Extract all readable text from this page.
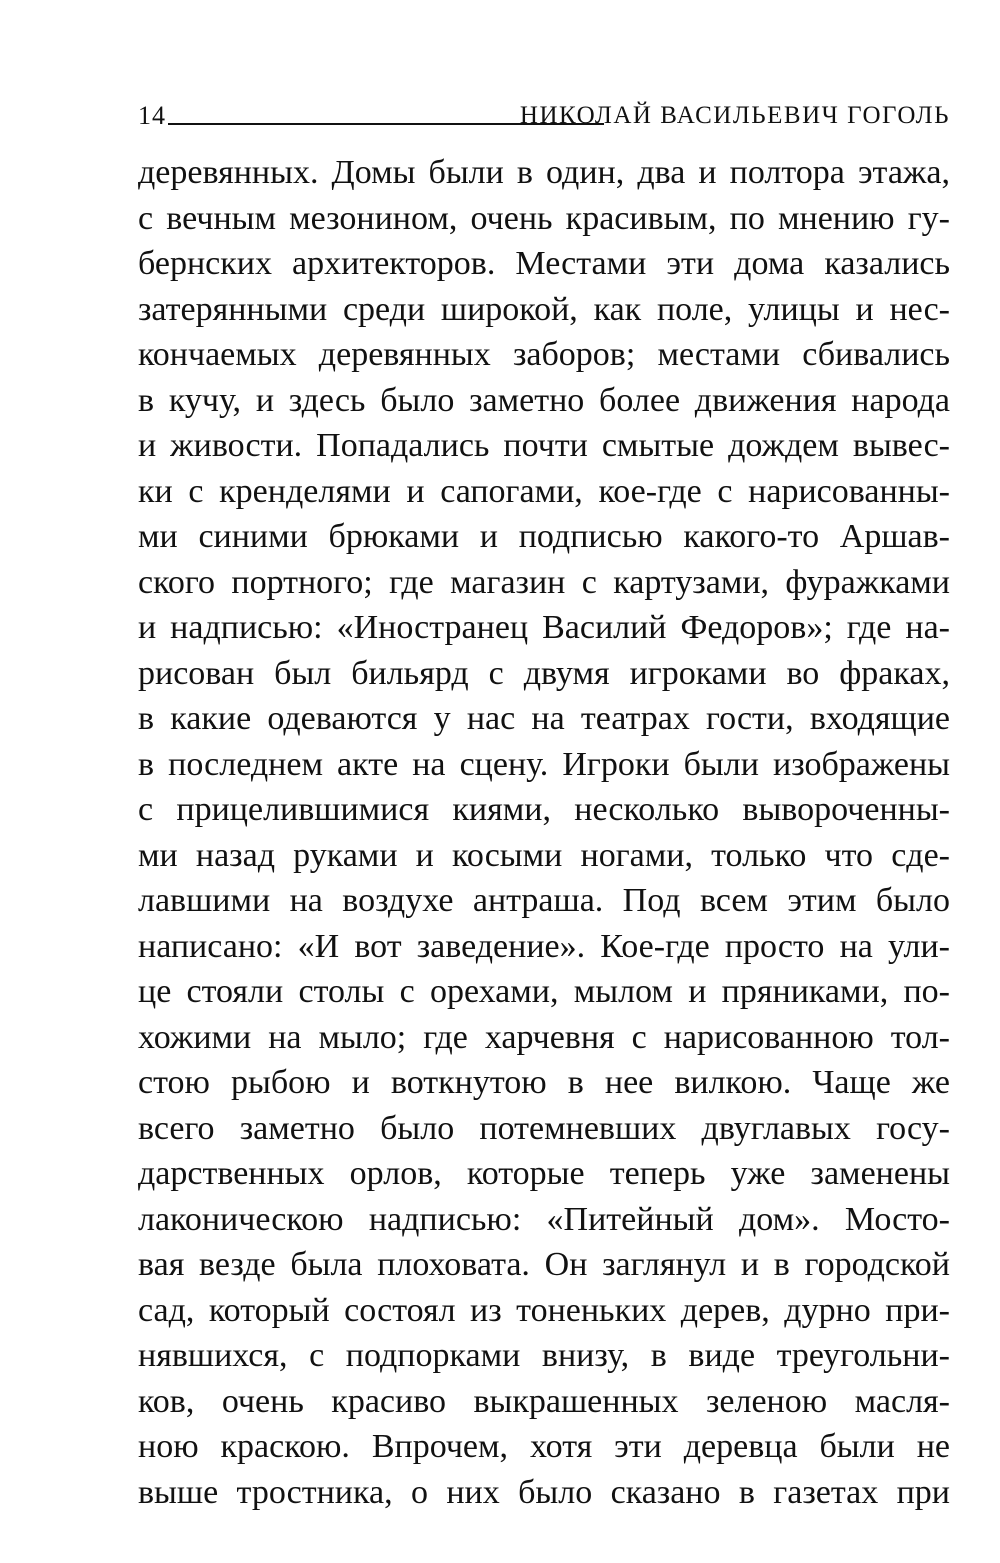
14	НИКОЛАЙ ВАСИЛЬЕВИЧ ГОГОЛЬ
деревянных. Домы были в один, два и полтора этажа,
с вечным мезонином, очень красивым, по мнению гу-
бернских архитекторов. Местами эти дома казались
затерянными среди широкой, как поле, улицы и нес-
кончаемых деревянных заборов; местами сбивались
в кучу, и здесь было заметно более движения народа
и живости. Попадались почти смытые дождем вывес-
ки с кренделями и сапогами, кое-где с нарисованны-
ми синими брюками и подписью какого-то Аршав-
ского портного; где магазин с картузами, фуражками
и надписью: «Иностранец Василий Федоров»; где на-
рисован был бильярд с двумя игроками во фраках,
в какие одеваются у нас на театрах гости, входящие
в последнем акте на сцену. Игроки были изображены
с прицелившимися киями, несколько вывороченны-
ми назад руками и косыми ногами, только что сде-
лавшими на воздухе антраша. Под всем этим было
написано: «И вот заведение». Кое-где просто на ули-
це стояли столы с орехами, мылом и пряниками, по-
хожими на мыло; где харчевня с нарисованною тол-
стою рыбою и воткнутою в нее вилкою. Чаще же
всего заметно было потемневших двуглавых госу-
дарственных орлов, которые теперь уже заменены
лаконическою надписью: «Питейный дом». Мосто-
вая везде была плоховата. Он заглянул и в городской
сад, который состоял из тоненьких дерев, дурно при-
нявшихся, с подпорками внизу, в виде треугольни-
ков, очень красиво выкрашенных зеленою масля-
ною краскою. Впрочем, хотя эти деревца были не
выше тростника, о них было сказано в газетах при
